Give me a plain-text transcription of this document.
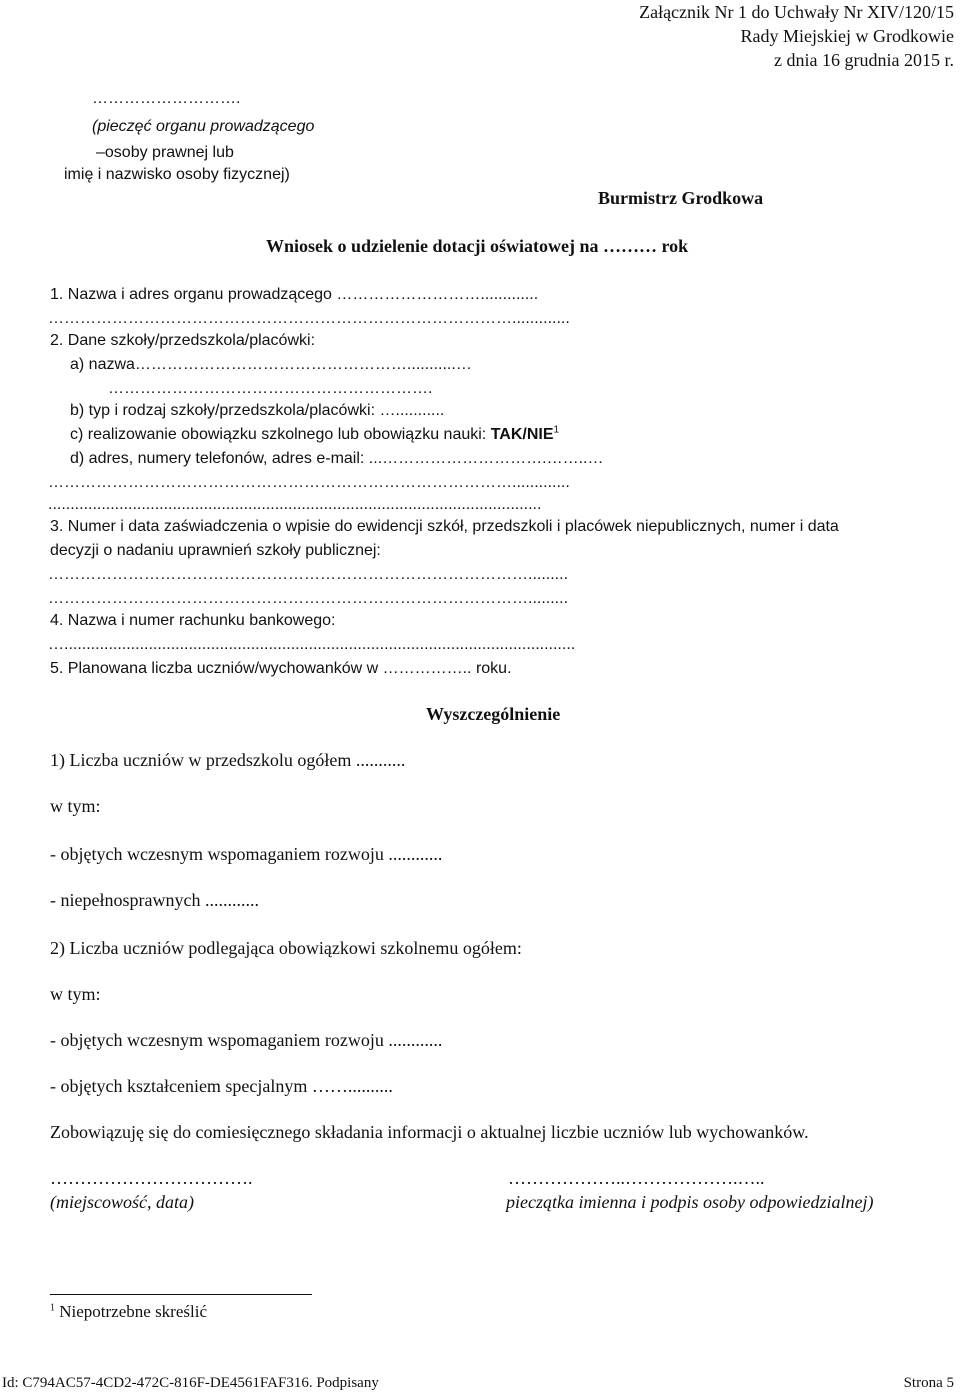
Załącznik Nr 1 do Uchwały Nr XIV/120/15
Rady Miejskiej w Grodkowie
z dnia 16 grudnia 2015 r.
……………………….
(pieczęć organu prowadzącego
–osoby prawnej lub
imię i nazwisko osoby fizycznej)
Burmistrz Grodkowa
Wniosek o udzielenie dotacji oświatowej na ……… rok
1. Nazwa i adres organu prowadzącego ……………………….............
…………………………………………………………………………….............
2. Dane szkoły/przedszkola/placówki:
a) nazwa……………………………………………...........…
…………………………………………………….
b) typ i rodzaj szkoły/przedszkola/placówki: …...........
c) realizowanie obowiązku szkolnego lub obowiązku nauki: TAK/NIE$^1$
d) adres, numery telefonów, adres e-mail: ...………………………….……..…
…………………………………………………………………………….............
...............................................................................................................
3. Numer i data zaświadczenia o wpisie do ewidencji szkół, przedszkoli i placówek niepublicznych, numer i data
decyzji o nadaniu uprawnień szkoły publicznej:
……………………………………………………………………………….........
……………………………………………………………………………….........
4. Nazwa i numer rachunku bankowego:
…...................................................................................................................
5. Planowana liczba uczniów/wychowanków w …………….. roku.
Wyszczególnienie
1) Liczba uczniów w przedszkolu ogółem ...........
w tym:
- objętych wczesnym wspomaganiem rozwoju ............
- niepełnosprawnych ............
2) Liczba uczniów podlegająca obowiązkowi szkolnemu ogółem:
w tym:
- objętych wczesnym wspomaganiem rozwoju ............
- objętych kształceniem specjalnym ……..........
Zobowiązuję się do comiesięcznego składania informacji o aktualnej liczbie uczniów lub wychowanków.
…………………………….
(miejscowość, data)
………………..……………….…..
pieczątka imienna i podpis osoby odpowiedzialnej)
$^1$ Niepotrzebne skreślić
Id: C794AC57-4CD2-472C-816F-DE4561FAF316. Podpisany	Strona 5
